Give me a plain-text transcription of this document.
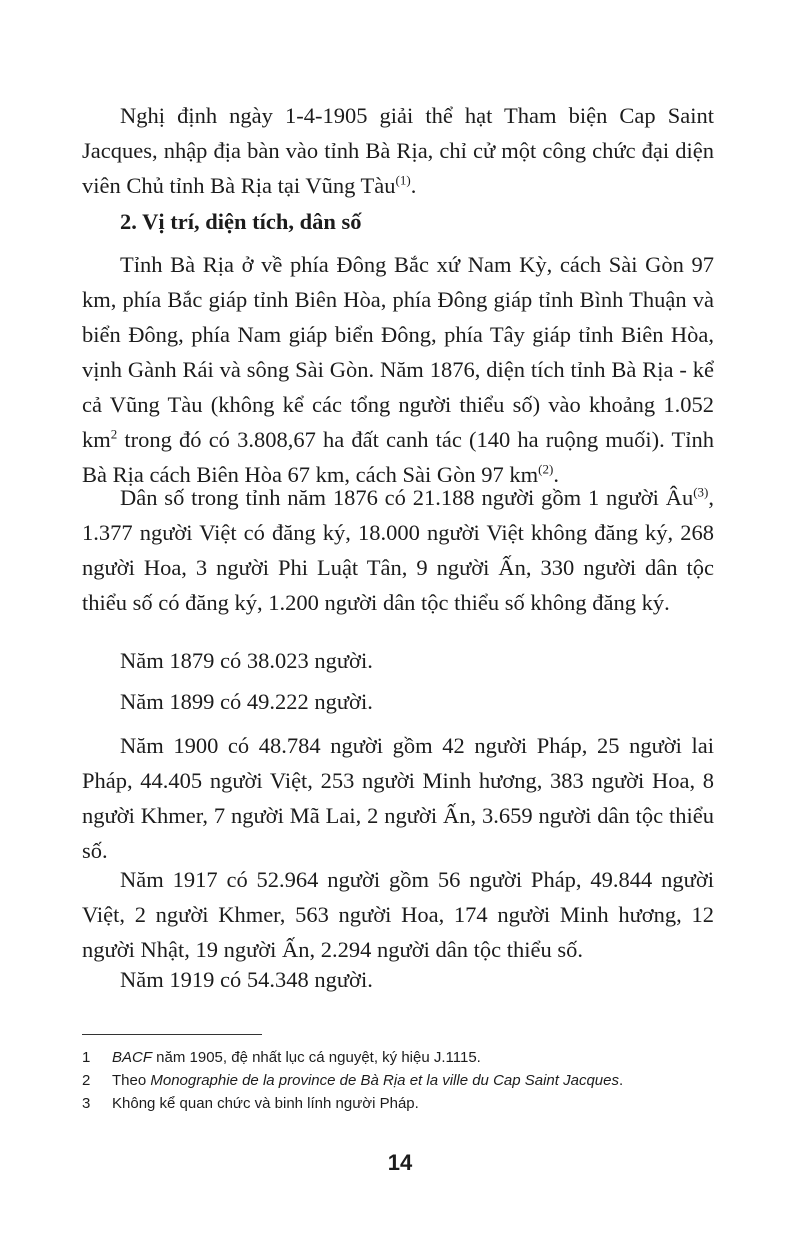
Nghị định ngày 1-4-1905 giải thể hạt Tham biện Cap Saint Jacques, nhập địa bàn vào tỉnh Bà Rịa, chỉ cử một công chức đại diện viên Chủ tỉnh Bà Rịa tại Vũng Tàu$^{(1)}$.

2. Vị trí, diện tích, dân số

Tỉnh Bà Rịa ở về phía Đông Bắc xứ Nam Kỳ, cách Sài Gòn 97 km, phía Bắc giáp tỉnh Biên Hòa, phía Đông giáp tỉnh Bình Thuận và biển Đông, phía Nam giáp biển Đông, phía Tây giáp tỉnh Biên Hòa, vịnh Gành Rái và sông Sài Gòn. Năm 1876, diện tích tỉnh Bà Rịa - kể cả Vũng Tàu (không kể các tổng người thiểu số) vào khoảng 1.052 $km^2$ trong đó có 3.808,67 ha đất canh tác (140 ha ruộng muối). Tỉnh Bà Rịa cách Biên Hòa 67 km, cách Sài Gòn 97 $km^{(2)}$.

Dân số trong tỉnh năm 1876 có 21.188 người gồm 1 người $Âu^{(3)}$, 1.377 người Việt có đăng ký, 18.000 người Việt không đăng ký, 268 người Hoa, 3 người Phi Luật Tân, 9 người Ấn, 330 người dân tộc thiểu số có đăng ký, 1.200 người dân tộc thiểu số không đăng ký.

Năm 1879 có 38.023 người.

Năm 1899 có 49.222 người.

Năm 1900 có 48.784 người gồm 42 người Pháp, 25 người lai Pháp, 44.405 người Việt, 253 người Minh hương, 383 người Hoa, 8 người Khmer, 7 người Mã Lai, 2 người Ấn, 3.659 người dân tộc thiểu số.

Năm 1917 có 52.964 người gồm 56 người Pháp, 49.844 người Việt, 2 người Khmer, 563 người Hoa, 174 người Minh hương, 12 người Nhật, 19 người Ấn, 2.294 người dân tộc thiểu số.

Năm 1919 có 54.348 người.

1	BACF năm 1905, đệ nhất lục cá nguyệt, ký hiệu J.1115.
2	Theo Monographie de la province de Bà Rịa et la ville du Cap Saint Jacques.
3	Không kể quan chức và binh lính người Pháp.
14
